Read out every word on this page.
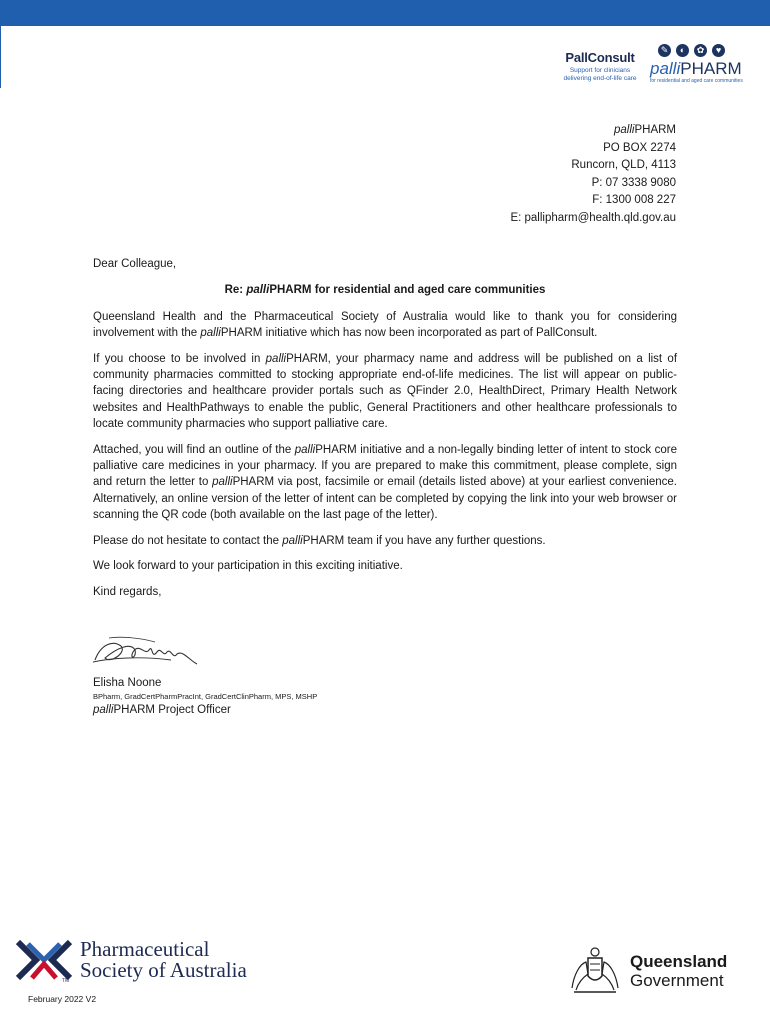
PallConsult
Support for clinicians
delivering end-of-life care
✎	◐	✿	♥
palliPHARM
for residential and aged care communities
palliPHARM
PO BOX 2274
Runcorn, QLD, 4113
P: 07 3338 9080
F: 1300 008 227
E: pallipharm@health.qld.gov.au

Dear Colleague,

Re: palliPHARM for residential and aged care communities

Queensland Health and the Pharmaceutical Society of Australia would like to thank you for considering involvement with the palliPHARM initiative which has now been incorporated as part of PallConsult.

If you choose to be involved in palliPHARM, your pharmacy name and address will be published on a list of community pharmacies committed to stocking appropriate end-of-life medicines. The list will appear on public-facing directories and healthcare provider portals such as QFinder 2.0, HealthDirect, Primary Health Network websites and HealthPathways to enable the public, General Practitioners and other healthcare professionals to locate community pharmacies who support palliative care.

Attached, you will find an outline of the palliPHARM initiative and a non-legally binding letter of intent to stock core palliative care medicines in your pharmacy. If you are prepared to make this commitment, please complete, sign and return the letter to palliPHARM via post, facsimile or email (details listed above) at your earliest convenience. Alternatively, an online version of the letter of intent can be completed by copying the link into your web browser or scanning the QR code (both available on the last page of the letter).

Please do not hesitate to contact the palliPHARM team if you have any further questions.

We look forward to your participation in this exciting initiative.

Kind regards,

Elisha Noone
BPharm, GradCertPharmPracInt, GradCertClinPharm, MPS, MSHP
palliPHARM Project Officer
Pharmaceutical
Society of Australia
TM
February 2022 V2
Queensland
Government
